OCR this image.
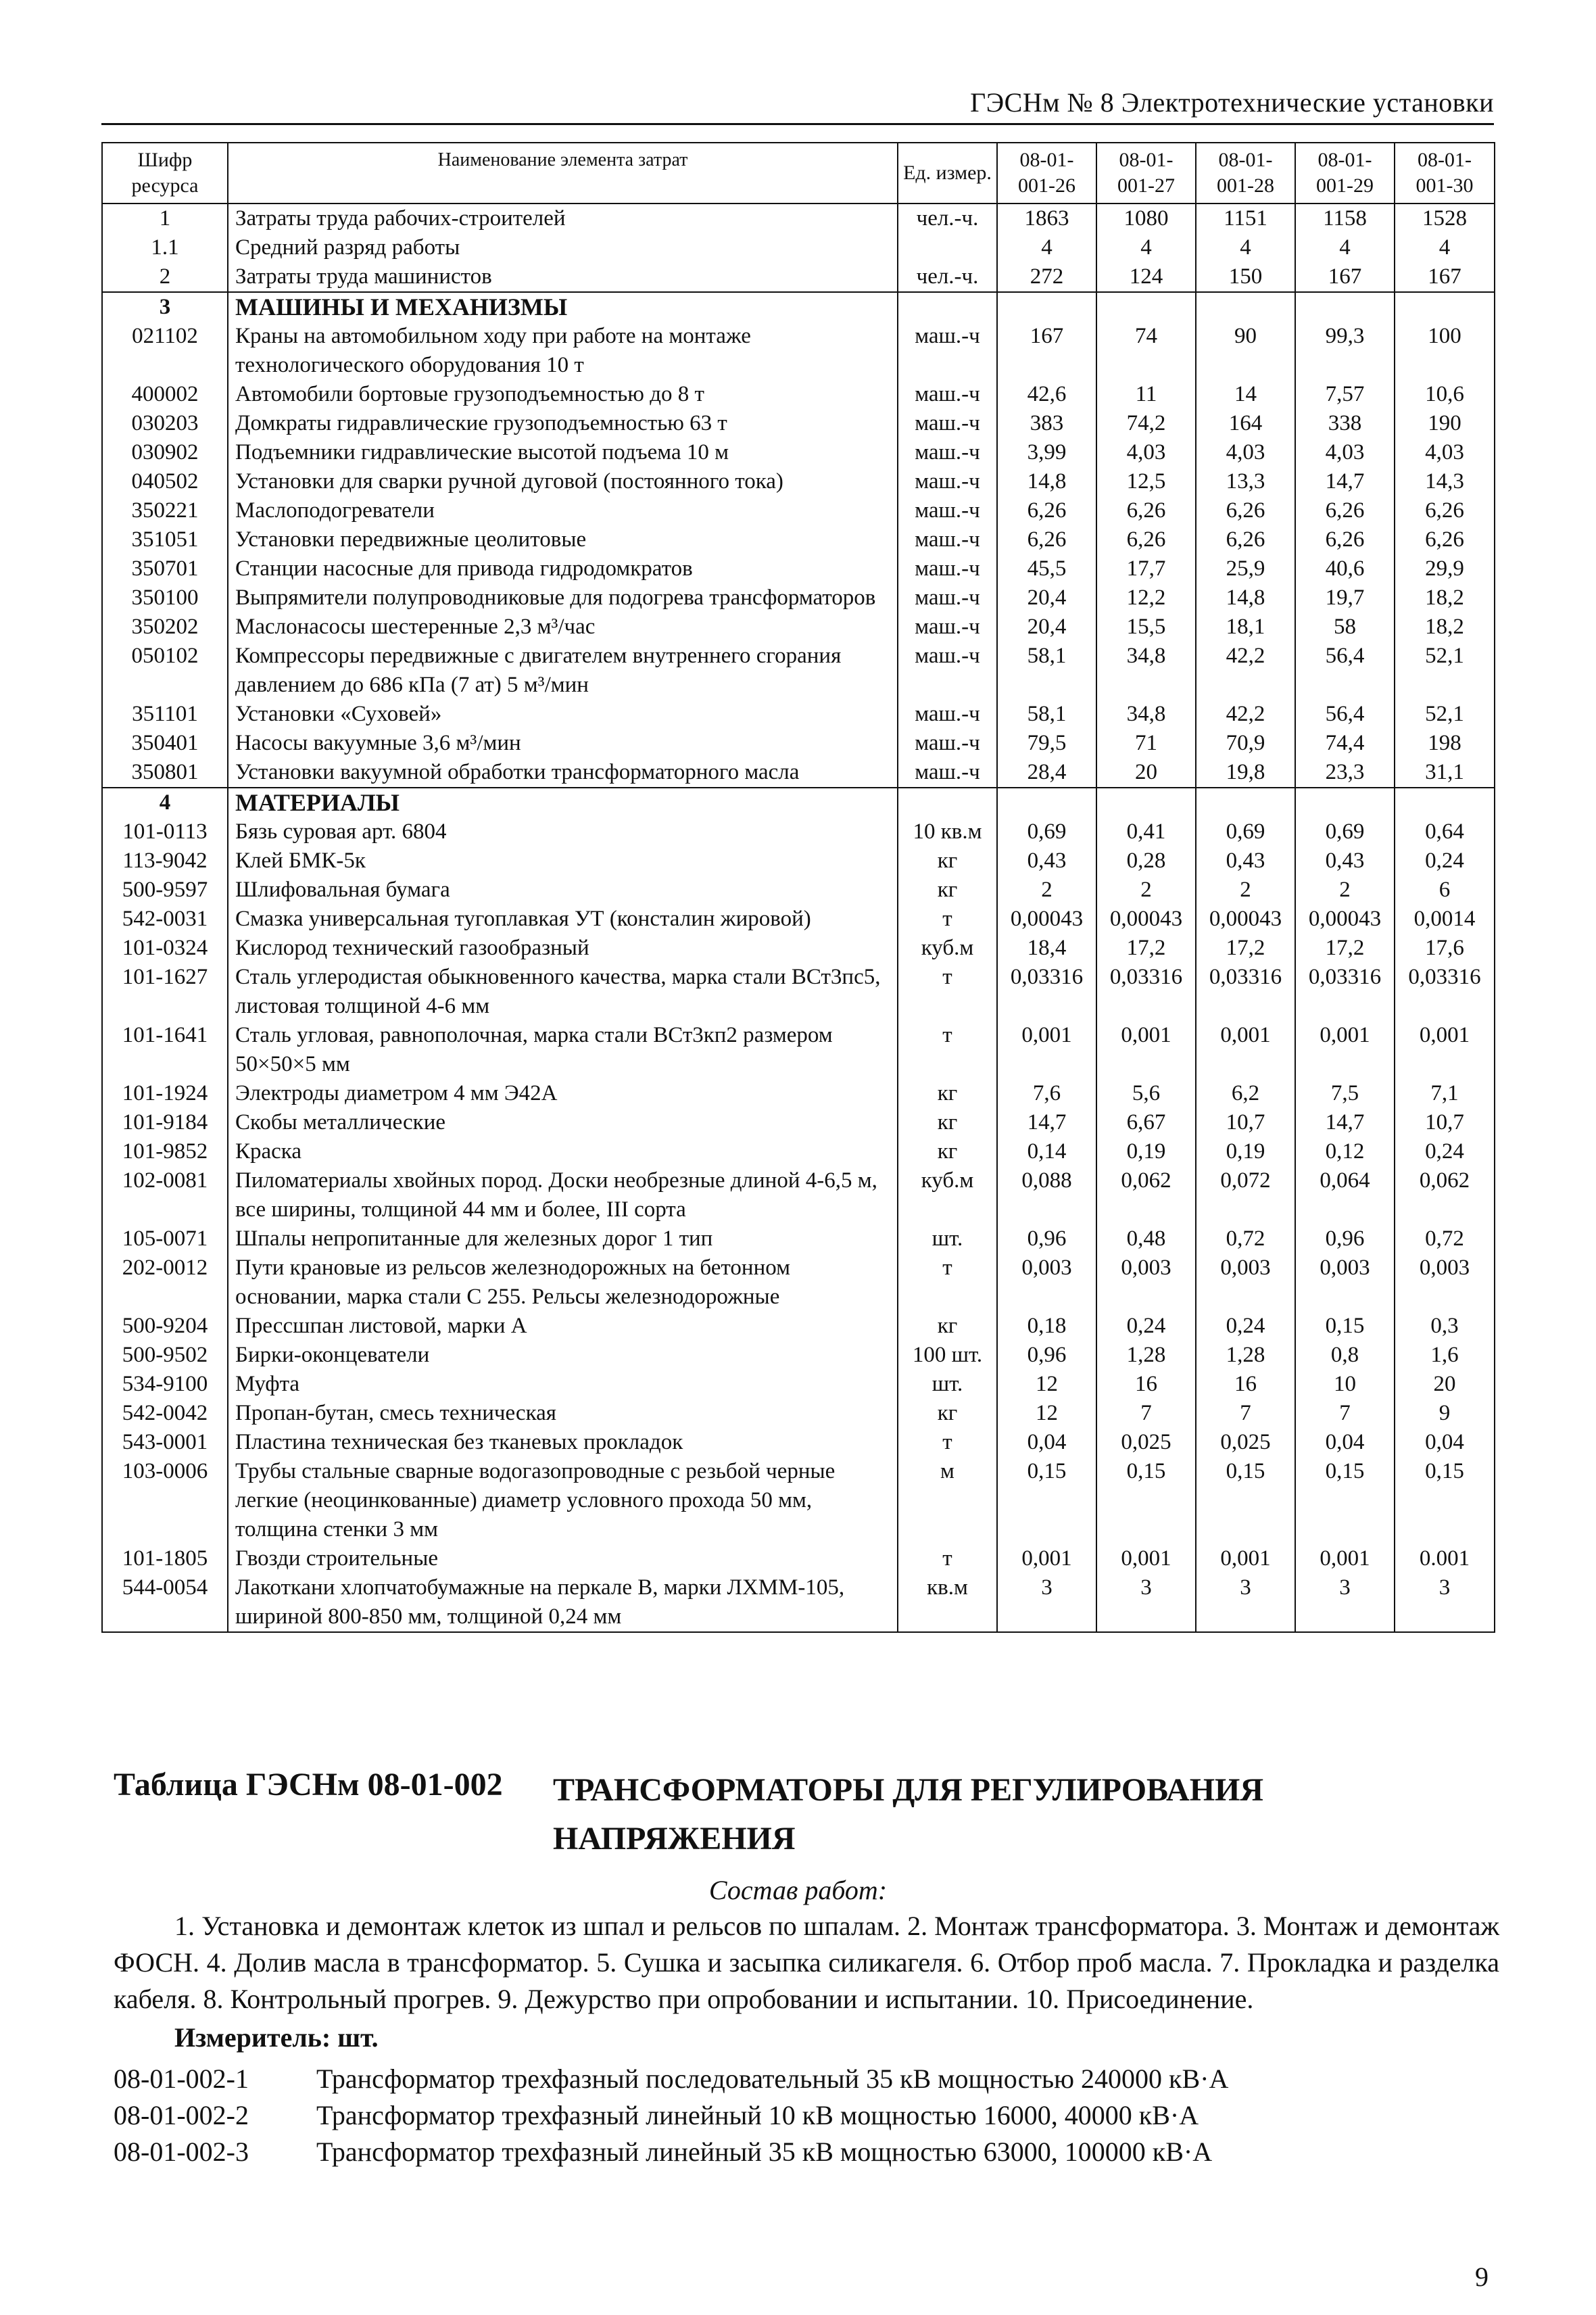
ГЭСНм № 8 Электротехнические установки
Шифр ресурса	Наименование элемента затрат	Ед. измер.	08-01-001-26	08-01-001-27	08-01-001-28	08-01-001-29	08-01-001-30
1	Затраты труда рабочих-строителей	чел.-ч.	1863	1080	1151	1158	1528
1.1	Средний разряд работы		4	4	4	4	4
2	Затраты труда машинистов	чел.-ч.	272	124	150	167	167
3	МАШИНЫ И МЕХАНИЗМЫ						
021102	Краны на автомобильном ходу при работе на монтаже технологического оборудования 10 т	маш.-ч	167	74	90	99,3	100
400002	Автомобили бортовые грузоподъемностью до 8 т	маш.-ч	42,6	11	14	7,57	10,6
030203	Домкраты гидравлические грузоподъемностью 63 т	маш.-ч	383	74,2	164	338	190
030902	Подъемники гидравлические высотой подъема 10 м	маш.-ч	3,99	4,03	4,03	4,03	4,03
040502	Установки для сварки ручной дуговой (постоянного тока)	маш.-ч	14,8	12,5	13,3	14,7	14,3
350221	Маслоподогреватели	маш.-ч	6,26	6,26	6,26	6,26	6,26
351051	Установки передвижные цеолитовые	маш.-ч	6,26	6,26	6,26	6,26	6,26
350701	Станции насосные для привода гидродомкратов	маш.-ч	45,5	17,7	25,9	40,6	29,9
350100	Выпрямители полупроводниковые для подогрева трансформаторов	маш.-ч	20,4	12,2	14,8	19,7	18,2
350202	Маслонасосы шестеренные 2,3 м³/час	маш.-ч	20,4	15,5	18,1	58	18,2
050102	Компрессоры передвижные с двигателем внутреннего сгорания давлением до 686 кПа (7 ат) 5 м³/мин	маш.-ч	58,1	34,8	42,2	56,4	52,1
351101	Установки «Суховей»	маш.-ч	58,1	34,8	42,2	56,4	52,1
350401	Насосы вакуумные 3,6 м³/мин	маш.-ч	79,5	71	70,9	74,4	198
350801	Установки вакуумной обработки трансформаторного масла	маш.-ч	28,4	20	19,8	23,3	31,1
4	МАТЕРИАЛЫ						
101-0113	Бязь суровая арт. 6804	10 кв.м	0,69	0,41	0,69	0,69	0,64
113-9042	Клей БМК-5к	кг	0,43	0,28	0,43	0,43	0,24
500-9597	Шлифовальная бумага	кг	2	2	2	2	6
542-0031	Смазка универсальная тугоплавкая УТ (консталин жировой)	т	0,00043	0,00043	0,00043	0,00043	0,0014
101-0324	Кислород технический газообразный	куб.м	18,4	17,2	17,2	17,2	17,6
101-1627	Сталь углеродистая обыкновенного качества, марка стали ВСт3пс5, листовая толщиной 4-6 мм	т	0,03316	0,03316	0,03316	0,03316	0,03316
101-1641	Сталь угловая, равнополочная, марка стали ВСт3кп2 размером 50×50×5 мм	т	0,001	0,001	0,001	0,001	0,001
101-1924	Электроды диаметром 4 мм Э42А	кг	7,6	5,6	6,2	7,5	7,1
101-9184	Скобы металлические	кг	14,7	6,67	10,7	14,7	10,7
101-9852	Краска	кг	0,14	0,19	0,19	0,12	0,24
102-0081	Пиломатериалы хвойных пород. Доски необрезные длиной 4-6,5 м, все ширины, толщиной 44 мм и более, III сорта	куб.м	0,088	0,062	0,072	0,064	0,062
105-0071	Шпалы непропитанные для железных дорог 1 тип	шт.	0,96	0,48	0,72	0,96	0,72
202-0012	Пути крановые из рельсов железнодорожных на бетонном основании, марка стали С 255. Рельсы железнодорожные	т	0,003	0,003	0,003	0,003	0,003
500-9204	Прессшпан листовой, марки А	кг	0,18	0,24	0,24	0,15	0,3
500-9502	Бирки-оконцеватели	100 шт.	0,96	1,28	1,28	0,8	1,6
534-9100	Муфта	шт.	12	16	16	10	20
542-0042	Пропан-бутан, смесь техническая	кг	12	7	7	7	9
543-0001	Пластина техническая без тканевых прокладок	т	0,04	0,025	0,025	0,04	0,04
103-0006	Трубы стальные сварные водогазопроводные с резьбой черные легкие (неоцинкованные) диаметр условного прохода 50 мм, толщина стенки 3 мм	м	0,15	0,15	0,15	0,15	0,15
101-1805	Гвозди строительные	т	0,001	0,001	0,001	0,001	0.001
544-0054	Лакоткани хлопчатобумажные на перкале В, марки ЛХММ-105, шириной 800-850 мм, толщиной 0,24 мм	кв.м	3	3	3	3	3
Таблица ГЭСНм 08-01-002 ТРАНСФОРМАТОРЫ ДЛЯ РЕГУЛИРОВАНИЯ НАПРЯЖЕНИЯ
Состав работ:
1. Установка и демонтаж клеток из шпал и рельсов по шпалам. 2. Монтаж трансформатора. 3. Монтаж и демонтаж ФОСН. 4. Долив масла в трансформатор. 5. Сушка и засыпка силикагеля. 6. Отбор проб масла. 7. Прокладка и разделка кабеля. 8. Контрольный прогрев. 9. Дежурство при опробовании и испытании. 10. Присоединение.
Измеритель: шт.
08-01-002-1	Трансформатор трехфазный последовательный 35 кВ мощностью 240000 кВ·А
08-01-002-2	Трансформатор трехфазный линейный 10 кВ мощностью 16000, 40000 кВ·А
08-01-002-3	Трансформатор трехфазный линейный 35 кВ мощностью 63000, 100000 кВ·А
9
